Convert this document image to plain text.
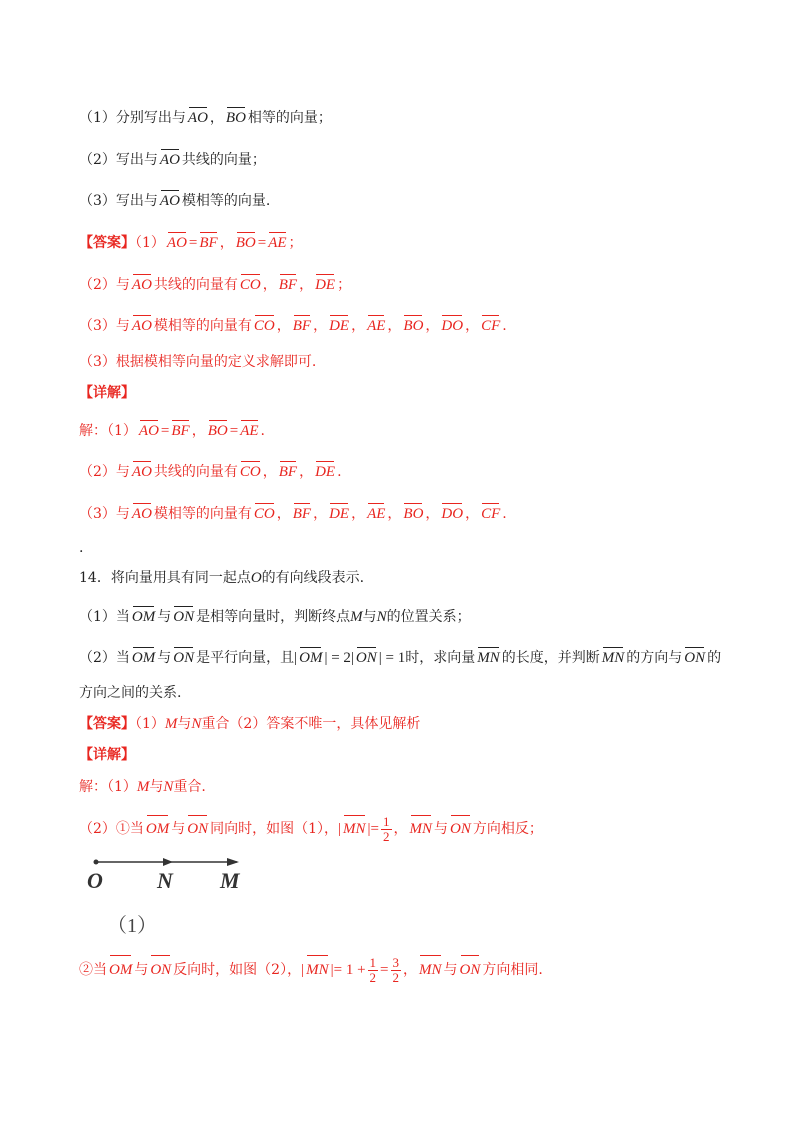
（1）分别写出与 AO ， BO 相等的向量；
（2）写出与 AO 共线的向量；
（3）写出与 AO 模相等的向量.
【答案】（1） AO = BF ， BO = AE ；
（2）与 AO 共线的向量有 CO ， BF ， DE ；
（3）与 AO 模相等的向量有 CO ， BF ， DE ， AE ， BO ， DO ， CF .
（3）根据模相等向量的定义求解即可.
【详解】
解：（1） AO = BF ， BO = AE .
（2）与 AO 共线的向量有 CO ， BF ， DE .
（3）与 AO 模相等的向量有 CO ， BF ， DE ， AE ， BO ， DO ， CF .
.
14．将向量用具有同一起点O的有向线段表示.
（1）当 OM 与 ON 是相等向量时，判断终点M与N的位置关系；
（2）当 OM 与 ON 是平行向量，且| OM | = 2| ON | = 1时，求向量 MN 的长度，并判断 MN 的方向与 ON 的
方向之间的关系.
【答案】（1）M与N重合（2）答案不唯一，具体见解析
【详解】
解：（1）M与N重合.
（2）①当 OM 与 ON 同向时，如图（1），| MN |= $\frac{1}{2}$ ， MN 与 ON 方向相反；
O N M
（1）
②当 OM 与 ON 反向时，如图（2），| MN |= $1 + \frac{1}{2} = \frac{3}{2}$ ， MN 与 ON 方向相同.
